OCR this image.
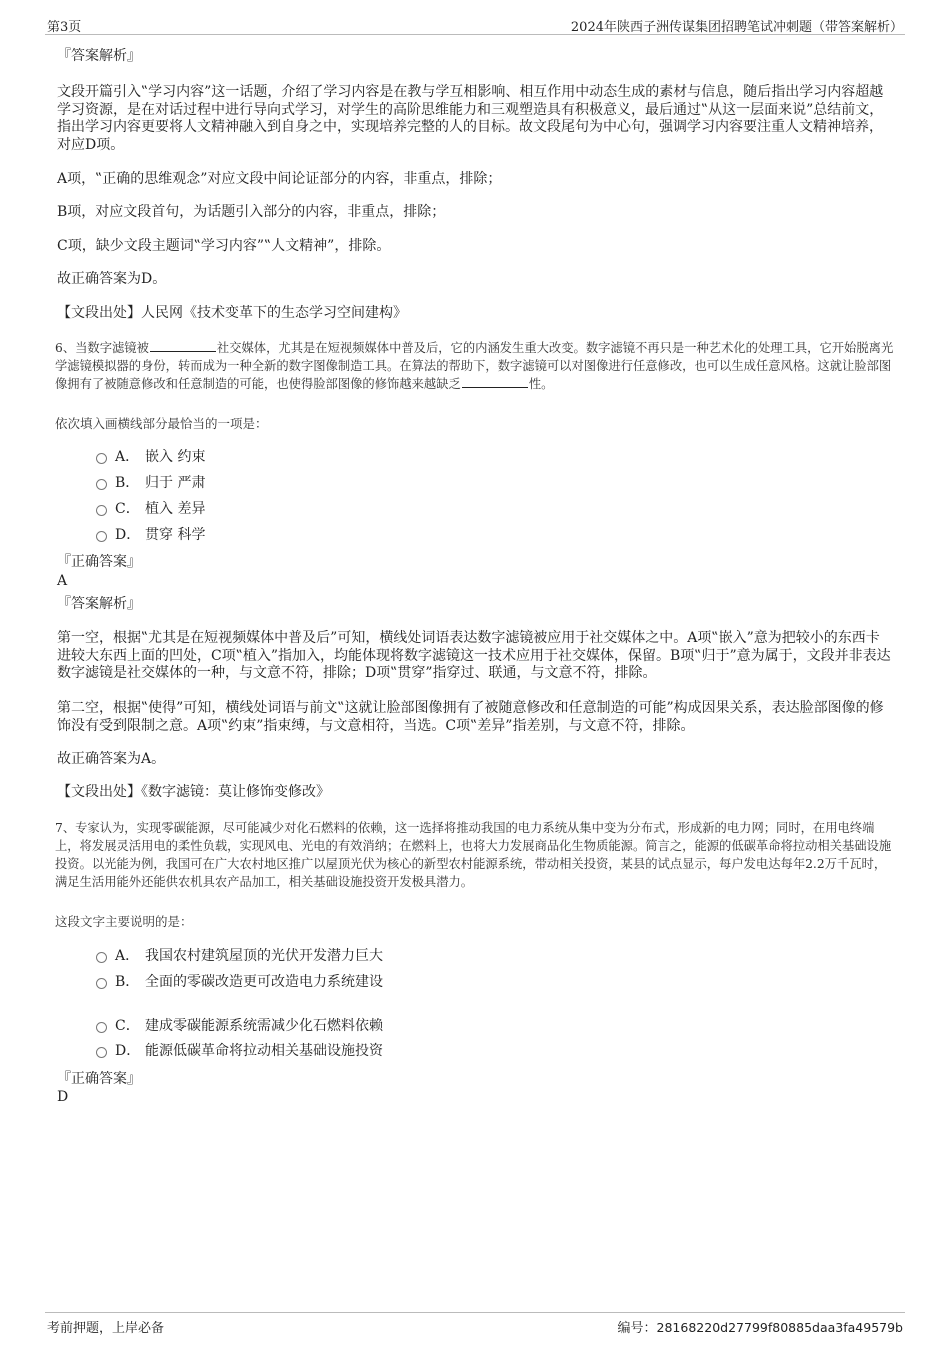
第3页	2024年陕西子洲传谋集团招聘笔试冲刺题（带答案解析）
『答案解析』
文段开篇引入‟学习内容”这一话题，介绍了学习内容是在教与学互相影响、相互作用中动态生成的素材与信息，随后指出学习内容超越学习资源，是在对话过程中进行导向式学习，对学生的高阶思维能力和三观塑造具有积极意义，最后通过‟从这一层面来说”总结前文，指出学习内容更要将人文精神融入到自身之中，实现培养完整的人的目标。故文段尾句为中心句，强调学习内容要注重人文精神培养，对应D项。
A项，‟正确的思维观念”对应文段中间论证部分的内容，非重点，排除；
B项，对应文段首句，为话题引入部分的内容，非重点，排除；
C项，缺少文段主题词‟学习内容”‟人文精神”，排除。
故正确答案为D。
【文段出处】人民网《技术变革下的生态学习空间建构》
6、当数字滤镜被	社交媒体，尤其是在短视频媒体中普及后，它的内涵发生重大改变。数字滤镜不再只是一种艺术化的处理工具，它开始脱离光学滤镜模拟器的身份，转而成为一种全新的数字图像制造工具。在算法的帮助下，数字滤镜可以对图像进行任意修改，也可以生成任意风格。这就让脸部图像拥有了被随意修改和任意制造的可能，也使得脸部图像的修饰越来越缺乏	性。
依次填入画横线部分最恰当的一项是：
A． 嵌入 约束
B． 归于 严肃
C． 植入 差异
D． 贯穿 科学
『正确答案』
A
『答案解析』
第一空，根据‟尤其是在短视频媒体中普及后”可知，横线处词语表达数字滤镜被应用于社交媒体之中。A项‟嵌入”意为把较小的东西卡进较大东西上面的凹处，C项‟植入”指加入，均能体现将数字滤镜这一技术应用于社交媒体，保留。B项‟归于”意为属于，文段并非表达数字滤镜是社交媒体的一种，与文意不符，排除；D项‟贯穿”指穿过、联通，与文意不符，排除。
第二空，根据‟使得”可知，横线处词语与前文‟这就让脸部图像拥有了被随意修改和任意制造的可能”构成因果关系，表达脸部图像的修饰没有受到限制之意。A项‟约束”指束缚，与文意相符，当选。C项‟差异”指差别，与文意不符，排除。
故正确答案为A。
【文段出处】《数字滤镜：莫让修饰变修改》
7、专家认为，实现零碳能源，尽可能减少对化石燃料的依赖，这一选择将推动我国的电力系统从集中变为分布式，形成新的电力网；同时，在用电终端上，将发展灵活用电的柔性负载，实现风电、光电的有效消纳；在燃料上，也将大力发展商品化生物质能源。简言之，能源的低碳革命将拉动相关基础设施投资。以光能为例，我国可在广大农村地区推广以屋顶光伏为核心的新型农村能源系统，带动相关投资，某县的试点显示，每户发电达每年2.2万千瓦时，满足生活用能外还能供农机具农产品加工，相关基础设施投资开发极具潜力。
这段文字主要说明的是：
A． 我国农村建筑屋顶的光伏开发潜力巨大
B． 全面的零碳改造更可改造电力系统建设
C． 建成零碳能源系统需减少化石燃料依赖
D． 能源低碳革命将拉动相关基础设施投资
『正确答案』
D
考前押题，上岸必备	编号：28168220d27799f80885daa3fa49579b
